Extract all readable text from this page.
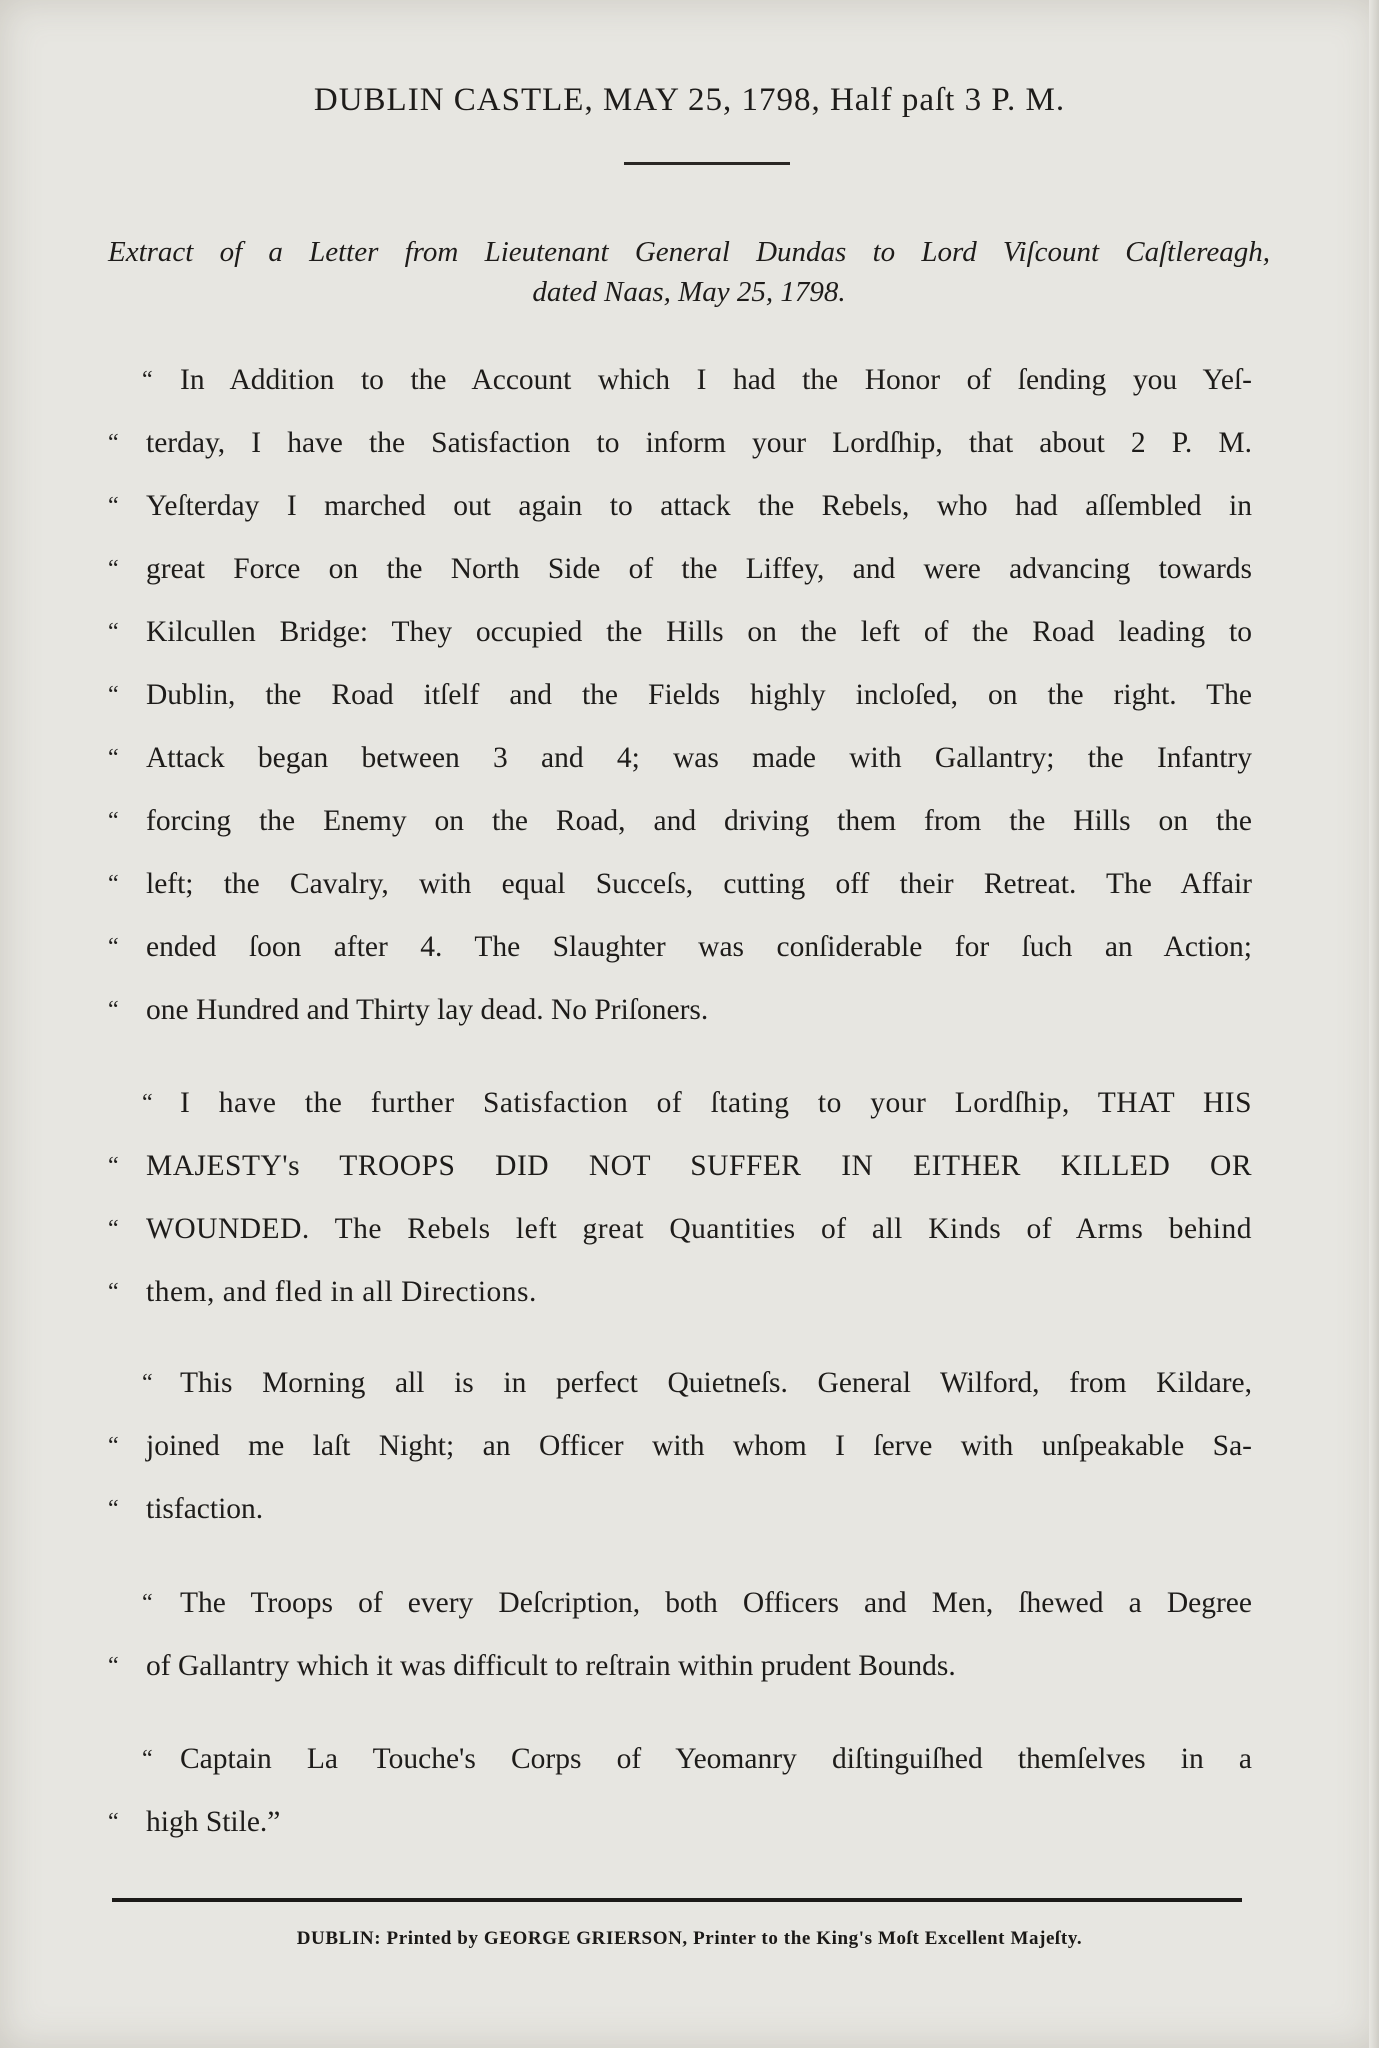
DUBLIN CASTLE, MAY 25, 1798, Half paſt 3 P. M.
Extract of a Letter from Lieutenant General Dundas to Lord Viſcount Caſtlereagh,
dated Naas, May 25, 1798.
“ In Addition to the Account which I had the Honor of ſending you Yeſ-
“ terday, I have the Satisfaction to inform your Lordſhip, that about 2 P. M.
“ Yeſterday I marched out again to attack the Rebels, who had aſſembled in
“ great Force on the North Side of the Liffey, and were advancing towards
“ Kilcullen Bridge: They occupied the Hills on the left of the Road leading to
“ Dublin, the Road itſelf and the Fields highly incloſed, on the right. The
“ Attack began between 3 and 4; was made with Gallantry; the Infantry
“ forcing the Enemy on the Road, and driving them from the Hills on the
“ left; the Cavalry, with equal Succeſs, cutting off their Retreat. The Affair
“ ended ſoon after 4. The Slaughter was conſiderable for ſuch an Action;
“ one Hundred and Thirty lay dead. No Priſoners.
“ I have the further Satisfaction of ſtating to your Lordſhip, THAT HIS
“ MAJESTY's TROOPS DID NOT SUFFER IN EITHER KILLED OR
“ WOUNDED. The Rebels left great Quantities of all Kinds of Arms behind
“ them, and fled in all Directions.
“ This Morning all is in perfect Quietneſs. General Wilford, from Kildare,
“ joined me laſt Night; an Officer with whom I ſerve with unſpeakable Sa-
“ tisfaction.
“ The Troops of every Deſcription, both Officers and Men, ſhewed a Degree
“ of Gallantry which it was difficult to reſtrain within prudent Bounds.
“ Captain La Touche's Corps of Yeomanry diſtinguiſhed themſelves in a
“ high Stile.”
DUBLIN: Printed by GEORGE GRIERSON, Printer to the King's Moſt Excellent Majeſty.
